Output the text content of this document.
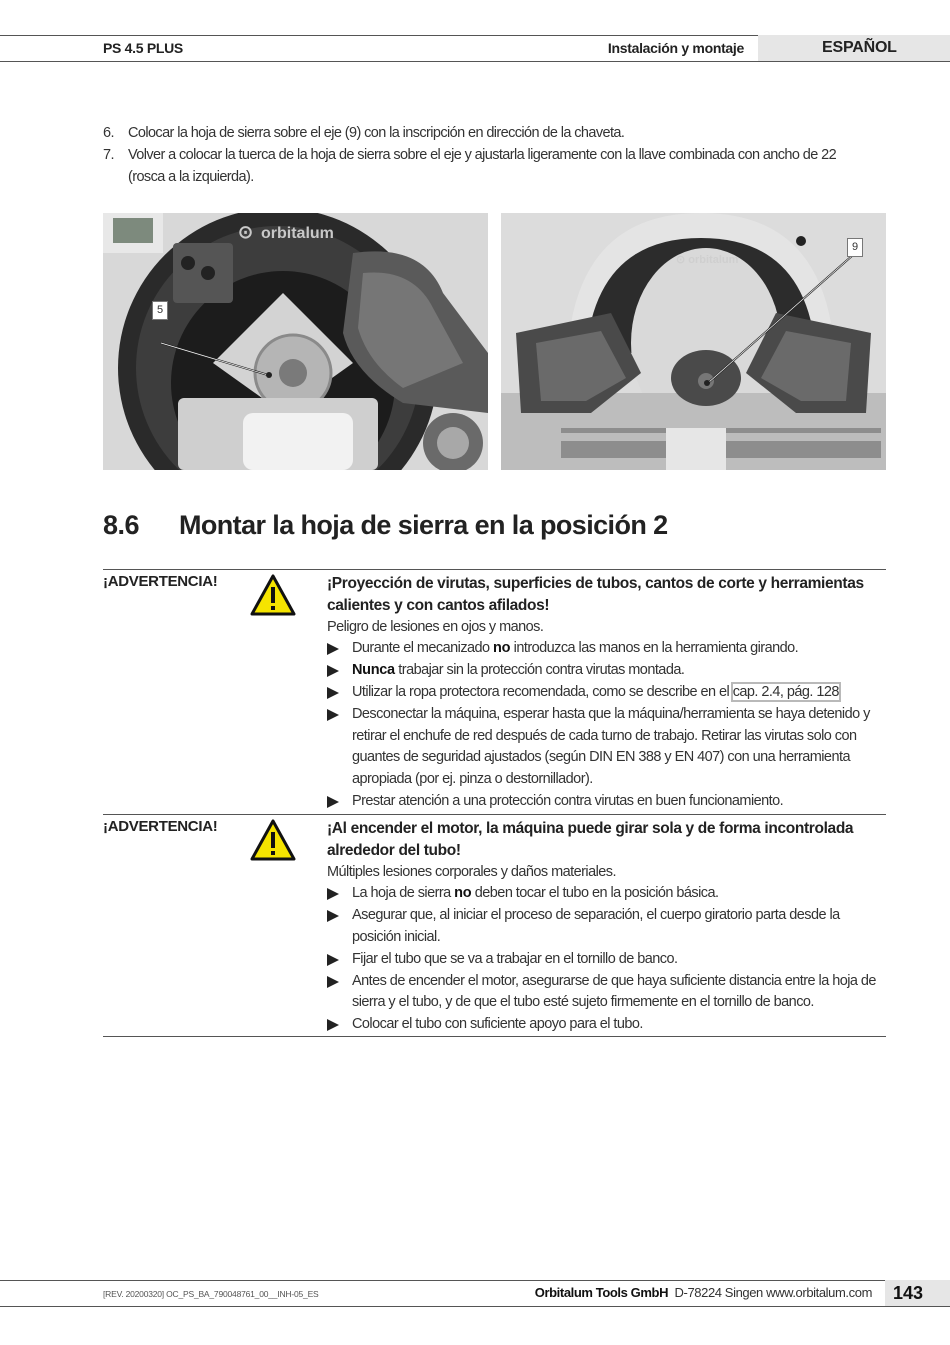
PS 4.5 PLUS	Instalación y montaje	ESPAÑOL
6. Colocar la hoja de sierra sobre el eje (9) con la inscripción en dirección de la chaveta.
7. Volver a colocar la tuerca de la hoja de sierra sobre el eje y ajustarla ligeramente con la llave combinada con ancho de 22 (rosca a la izquierda).
⊙ orbitalum
5
⊙ orbitalum
9
8.6 Montar la hoja de sierra en la posición 2
¡ADVERTENCIA!	¡Proyección de virutas, superficies de tubos, cantos de corte y herramientas calientes y con cantos afilados!
Peligro de lesiones en ojos y manos.
Durante el mecanizado no introduzca las manos en la herramienta girando.
Nunca trabajar sin la protección contra virutas montada.
Utilizar la ropa protectora recomendada, como se describe en el cap. 2.4, pág. 128
Desconectar la máquina, esperar hasta que la máquina/herramienta se haya detenido y retirar el enchufe de red después de cada turno de trabajo. Retirar las virutas solo con guantes de seguridad ajustados (según DIN EN 388 y EN 407) con una herramienta apropiada (por ej. pinza o destornillador).
Prestar atención a una protección contra virutas en buen funcionamiento.
¡ADVERTENCIA!	¡Al encender el motor, la máquina puede girar sola y de forma incontrolada alrededor del tubo!
Múltiples lesiones corporales y daños materiales.
La hoja de sierra no deben tocar el tubo en la posición básica.
Asegurar que, al iniciar el proceso de separación, el cuerpo giratorio parta desde la posición inicial.
Fijar el tubo que se va a trabajar en el tornillo de banco.
Antes de encender el motor, asegurarse de que haya suficiente distancia entre la hoja de sierra y el tubo, y de que el tubo esté sujeto firmemente en el tornillo de banco.
Colocar el tubo con suficiente apoyo para el tubo.
[REV. 20200320] OC_PS_BA_790048761_00__INH-05_ES	Orbitalum Tools GmbH D-78224 Singen www.orbitalum.com 143
